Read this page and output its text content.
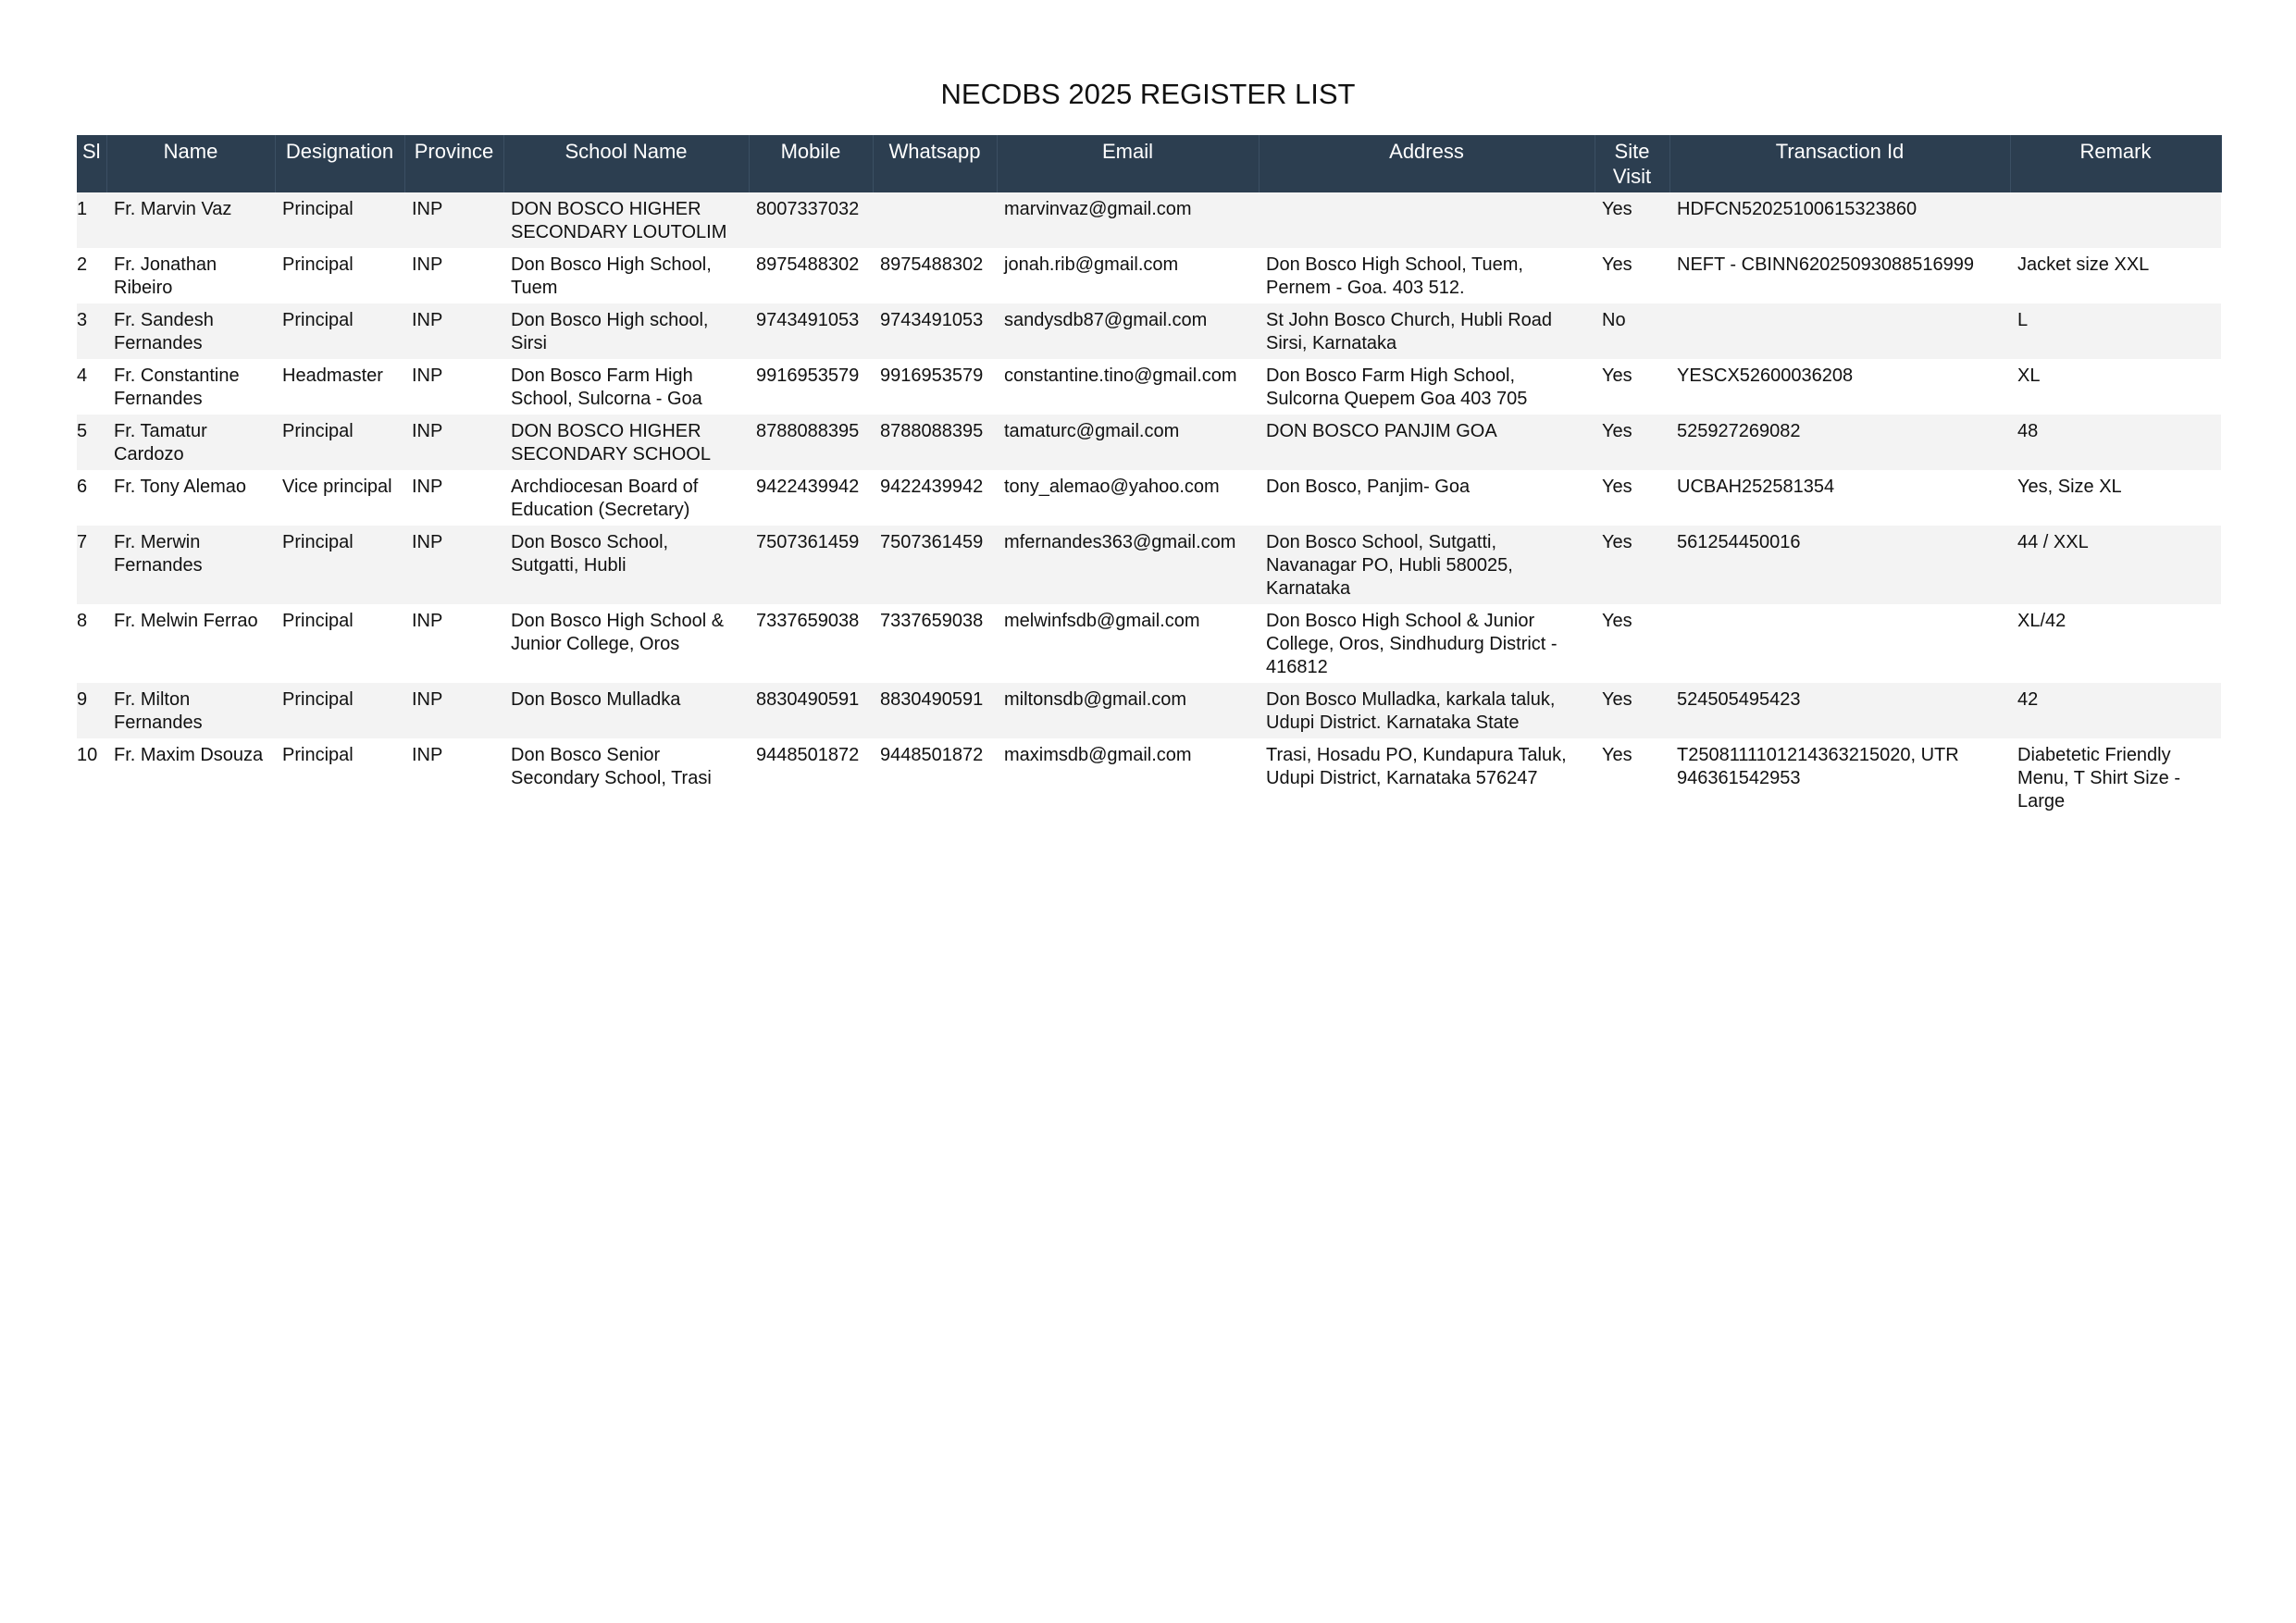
NECDBS 2025 REGISTER LIST
Sl	Name	Designation	Province	School Name	Mobile	Whatsapp	Email	Address	Site Visit	Transaction Id	Remark
1	Fr. Marvin Vaz	Principal	INP	DON BOSCO HIGHER SECONDARY LOUTOLIM	8007337032		marvinvaz@gmail.com		Yes	HDFCN52025100615323860	
2	Fr. Jonathan Ribeiro	Principal	INP	Don Bosco High School, Tuem	8975488302	8975488302	jonah.rib@gmail.com	Don Bosco High School, Tuem, Pernem - Goa. 403 512.	Yes	NEFT - CBINN62025093088516999	Jacket size XXL
3	Fr. Sandesh Fernandes	Principal	INP	Don Bosco High school, Sirsi	9743491053	9743491053	sandysdb87@gmail.com	St John Bosco Church, Hubli Road Sirsi, Karnataka	No		L
4	Fr. Constantine Fernandes	Headmaster	INP	Don Bosco Farm High School, Sulcorna - Goa	9916953579	9916953579	constantine.tino@gmail.com	Don Bosco Farm High School, Sulcorna Quepem Goa 403 705	Yes	YESCX52600036208	XL
5	Fr. Tamatur Cardozo	Principal	INP	DON BOSCO HIGHER SECONDARY SCHOOL	8788088395	8788088395	tamaturc@gmail.com	DON BOSCO PANJIM GOA	Yes	525927269082	48
6	Fr. Tony Alemao	Vice principal	INP	Archdiocesan Board of Education (Secretary)	9422439942	9422439942	tony_alemao@yahoo.com	Don Bosco, Panjim- Goa	Yes	UCBAH252581354	Yes, Size XL
7	Fr. Merwin Fernandes	Principal	INP	Don Bosco School, Sutgatti, Hubli	7507361459	7507361459	mfernandes363@gmail.com	Don Bosco School, Sutgatti, Navanagar PO, Hubli 580025, Karnataka	Yes	561254450016	44 / XXL
8	Fr. Melwin Ferrao	Principal	INP	Don Bosco High School & Junior College, Oros	7337659038	7337659038	melwinfsdb@gmail.com	Don Bosco High School & Junior College, Oros, Sindhudurg District - 416812	Yes		XL/42
9	Fr. Milton Fernandes	Principal	INP	Don Bosco Mulladka	8830490591	8830490591	miltonsdb@gmail.com	Don Bosco Mulladka, karkala taluk, Udupi District. Karnataka State	Yes	524505495423	42
10	Fr. Maxim Dsouza	Principal	INP	Don Bosco Senior Secondary School, Trasi	9448501872	9448501872	maximsdb@gmail.com	Trasi, Hosadu PO, Kundapura Taluk, Udupi District, Karnataka 576247	Yes	T2508111101214363215020, UTR 946361542953	Diabetetic Friendly Menu, T Shirt Size - Large
